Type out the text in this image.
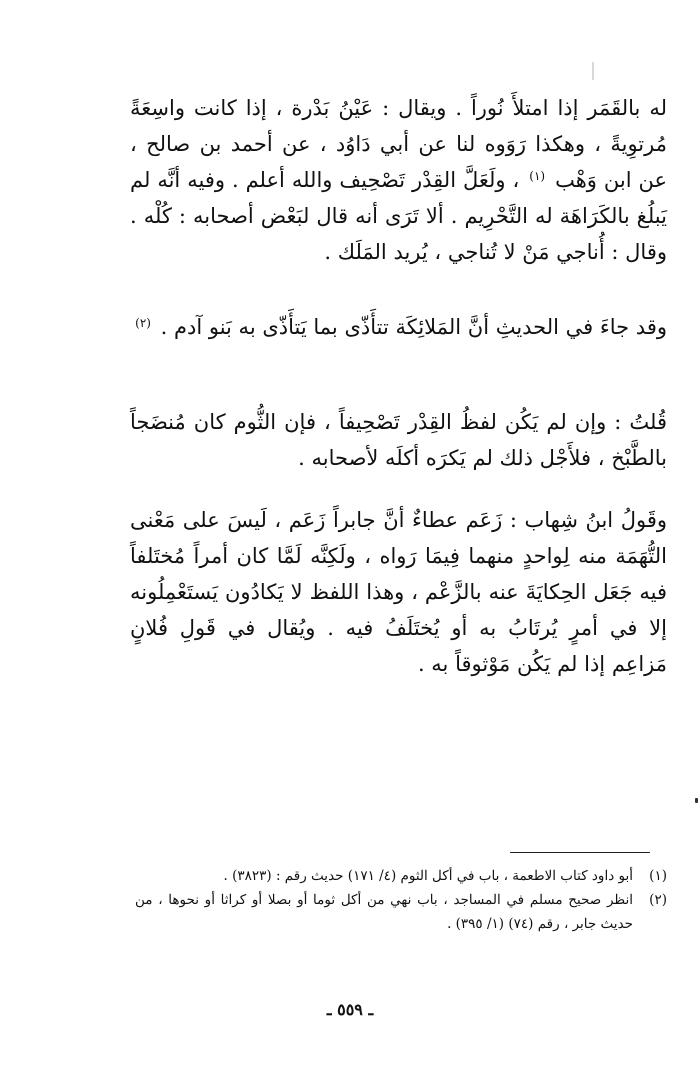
له بالقَمَر إذا امتلأَ نُوراً . ويقال : عَيْنُ بَدْرة ، إذا كانت واسِعَةً مُرتوِيةً ، وهكذا رَوَوه لنا عن أبي دَاوُد ، عن أحمد بن صالح ، عن ابن وَهْب $^{(١)}$ ، ولَعَلَّ القِدْر تَصْحِيف والله أعلم . وفيه أنَّه لم يَبلُغ بالكَرَاهَة له التَّحْرِيم . ألا تَرَى أنه قال لبَعْض أصحابه : كُلْه . وقال : أُناجي مَنْ لا تُناجي ، يُريد المَلَك .

وقد جاءَ في الحديثِ أنَّ المَلائِكَة تتأَذّى بما يَتأَذّى به بَنو آدم . $^{(٢)}$

قُلتُ : وإن لم يَكُن لفظُ القِدْر تَصْحِيفاً ، فإن الثُّوم كان مُنضَجاً بالطَّبْخ ، فلأَجْل ذلك لم يَكرَه أكلَه لأصحابه .

وقَولُ ابنُ شِهاب : زَعَم عطاءٌ أنَّ جابراً زَعَم ، لَيسَ على مَعْنى التُّهَمَة منه لِواحدٍ منهما فِيمَا رَواه ، ولَكِنَّه لَمَّا كان أمراً مُختَلفاً فيه جَعَل الحِكايَةَ عنه بالزَّعْم ، وهذا اللفظ لا يَكادُون يَستَعْمِلُونه إلا في أمرٍ يُرتَابُ به أو يُختَلَفُ فيه . ويُقال في قَولِ فُلانٍ مَزاعِم إذا لم يَكُن مَوْثوقاً به .

(١)
أبو داود كتاب الاطعمة ، باب في أكل الثوم (٤/ ١٧١) حديث رقم : (٣٨٢٣) .
(٢)
انظر صحيح مسلم في المساجد ، باب نهي من أكل ثوما أو بصلا أو كراثا أو نحوها ، من حديث جابر ، رقم (٧٤) (١/ ٣٩٥) .
ـ ٥٥٩ ـ
